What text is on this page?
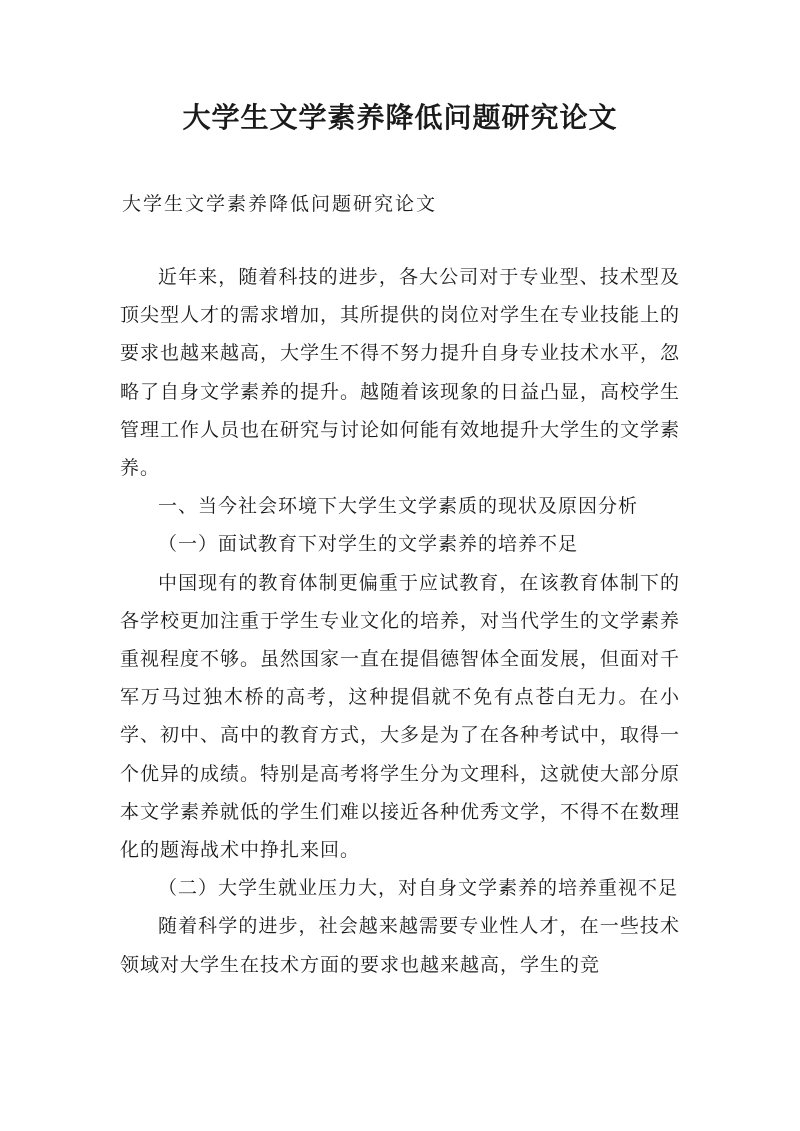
大学生文学素养降低问题研究论文

大学生文学素养降低问题研究论文

近年来，随着科技的进步，各大公司对于专业型、技术型及顶尖型人才的需求增加，其所提供的岗位对学生在专业技能上的要求也越来越高，大学生不得不努力提升自身专业技术水平，忽略了自身文学素养的提升。越随着该现象的日益凸显，高校学生管理工作人员也在研究与讨论如何能有效地提升大学生的文学素养。

一、当今社会环境下大学生文学素质的现状及原因分析

（一）面试教育下对学生的文学素养的培养不足

中国现有的教育体制更偏重于应试教育，在该教育体制下的各学校更加注重于学生专业文化的培养，对当代学生的文学素养重视程度不够。虽然国家一直在提倡德智体全面发展，但面对千军万马过独木桥的高考，这种提倡就不免有点苍白无力。在小学、初中、高中的教育方式，大多是为了在各种考试中，取得一个优异的成绩。特别是高考将学生分为文理科，这就使大部分原本文学素养就低的学生们难以接近各种优秀文学，不得不在数理化的题海战术中挣扎来回。

（二）大学生就业压力大，对自身文学素养的培养重视不足

随着科学的进步，社会越来越需要专业性人才，在一些技术领域对大学生在技术方面的要求也越来越高，学生的竞
